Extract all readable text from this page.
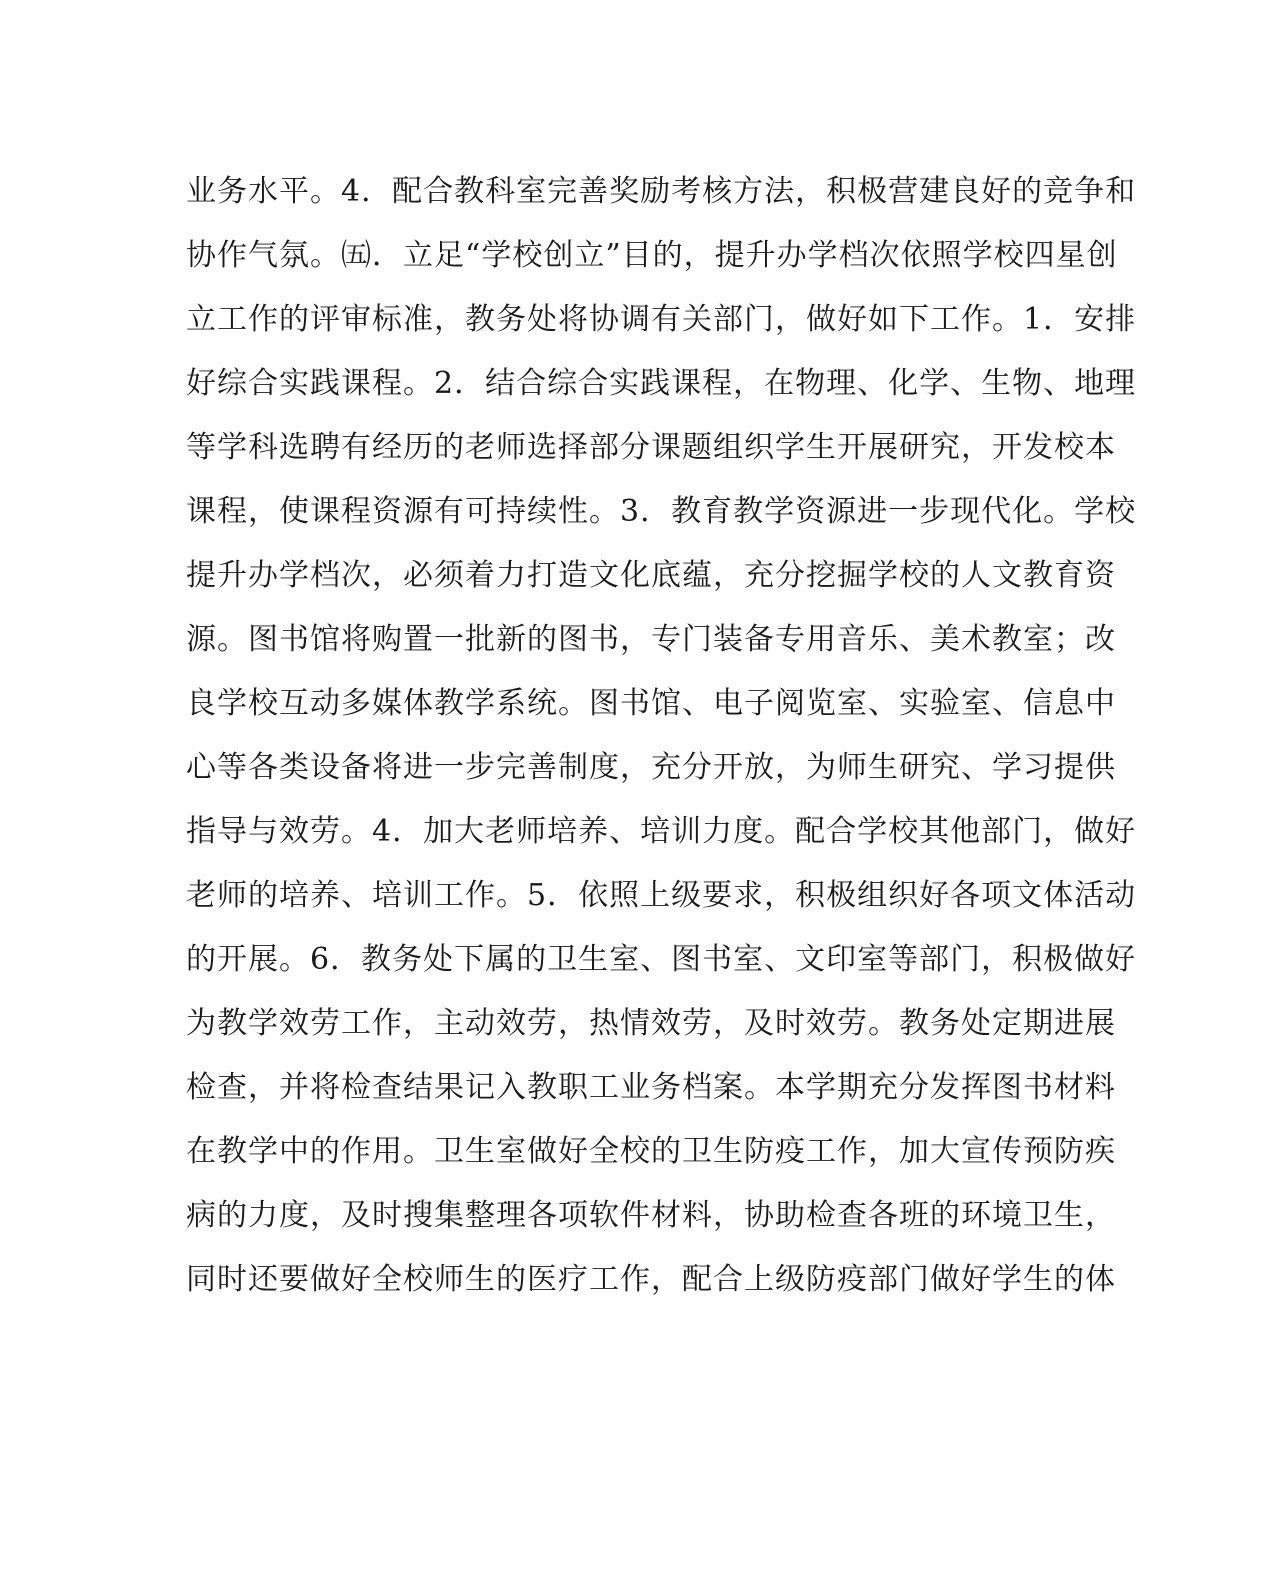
业务水平。4．配合教科室完善奖励考核方法，积极营建良好的竞争和
协作气氛。㈤．立足“学校创立”目的，提升办学档次依照学校四星创
立工作的评审标准，教务处将协调有关部门，做好如下工作。1．安排
好综合实践课程。2．结合综合实践课程，在物理、化学、生物、地理
等学科选聘有经历的老师选择部分课题组织学生开展研究，开发校本
课程，使课程资源有可持续性。3．教育教学资源进一步现代化。学校
提升办学档次，必须着力打造文化底蕴，充分挖掘学校的人文教育资
源。图书馆将购置一批新的图书，专门装备专用音乐、美术教室；改
良学校互动多媒体教学系统。图书馆、电子阅览室、实验室、信息中
心等各类设备将进一步完善制度，充分开放，为师生研究、学习提供
指导与效劳。4．加大老师培养、培训力度。配合学校其他部门，做好
老师的培养、培训工作。5．依照上级要求，积极组织好各项文体活动
的开展。6．教务处下属的卫生室、图书室、文印室等部门，积极做好
为教学效劳工作，主动效劳，热情效劳，及时效劳。教务处定期进展
检查，并将检查结果记入教职工业务档案。本学期充分发挥图书材料
在教学中的作用。卫生室做好全校的卫生防疫工作，加大宣传预防疾
病的力度，及时搜集整理各项软件材料，协助检查各班的环境卫生，
同时还要做好全校师生的医疗工作，配合上级防疫部门做好学生的体
